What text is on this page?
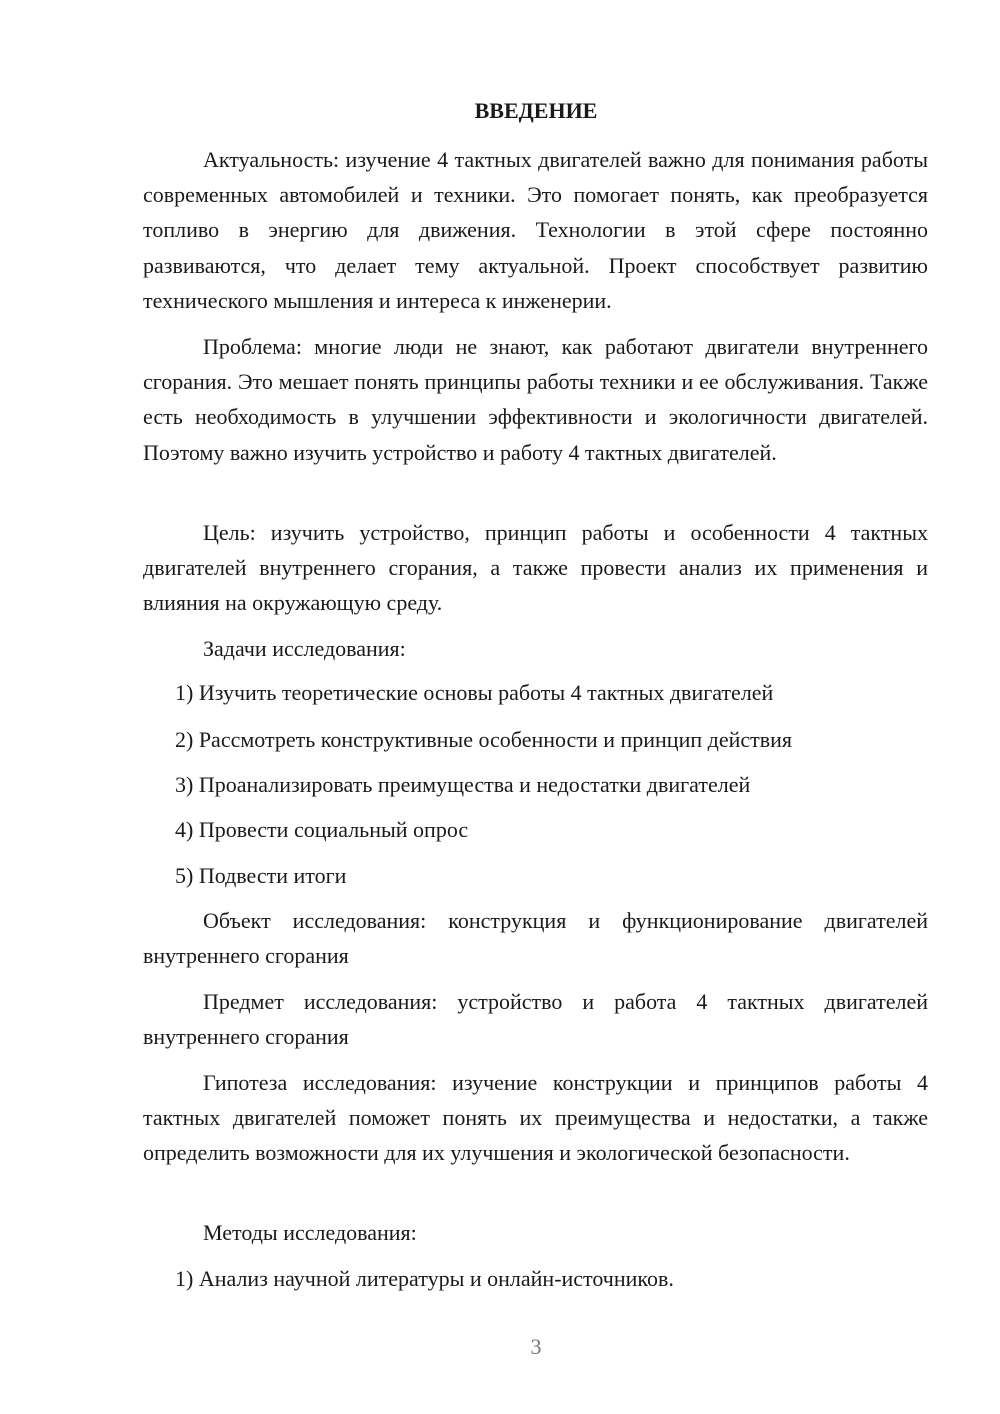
ВВЕДЕНИЕ

Актуальность: изучение 4 тактных двигателей важно для понимания работы современных автомобилей и техники. Это помогает понять, как преобразуется топливо в энергию для движения. Технологии в этой сфере постоянно развиваются, что делает тему актуальной. Проект способствует развитию технического мышления и интереса к инженерии.

Проблема: многие люди не знают, как работают двигатели внутреннего сгорания. Это мешает понять принципы работы техники и ее обслуживания. Также есть необходимость в улучшении эффективности и экологичности двигателей. Поэтому важно изучить устройство и работу 4 тактных двигателей.

Цель: изучить устройство, принцип работы и особенности 4 тактных двигателей внутреннего сгорания, а также провести анализ их применения и влияния на окружающую среду.

Задачи исследования:
1) Изучить теоретические основы работы 4 тактных двигателей
2) Рассмотреть конструктивные особенности и принцип действия
3) Проанализировать преимущества и недостатки двигателей
4) Провести социальный опрос
5) Подвести итоги

Объект исследования: конструкция и функционирование двигателей внутреннего сгорания

Предмет исследования: устройство и работа 4 тактных двигателей внутреннего сгорания

Гипотеза исследования: изучение конструкции и принципов работы 4 тактных двигателей поможет понять их преимущества и недостатки, а также определить возможности для их улучшения и экологической безопасности.

Методы исследования:
1) Анализ научной литературы и онлайн-источников.
3
